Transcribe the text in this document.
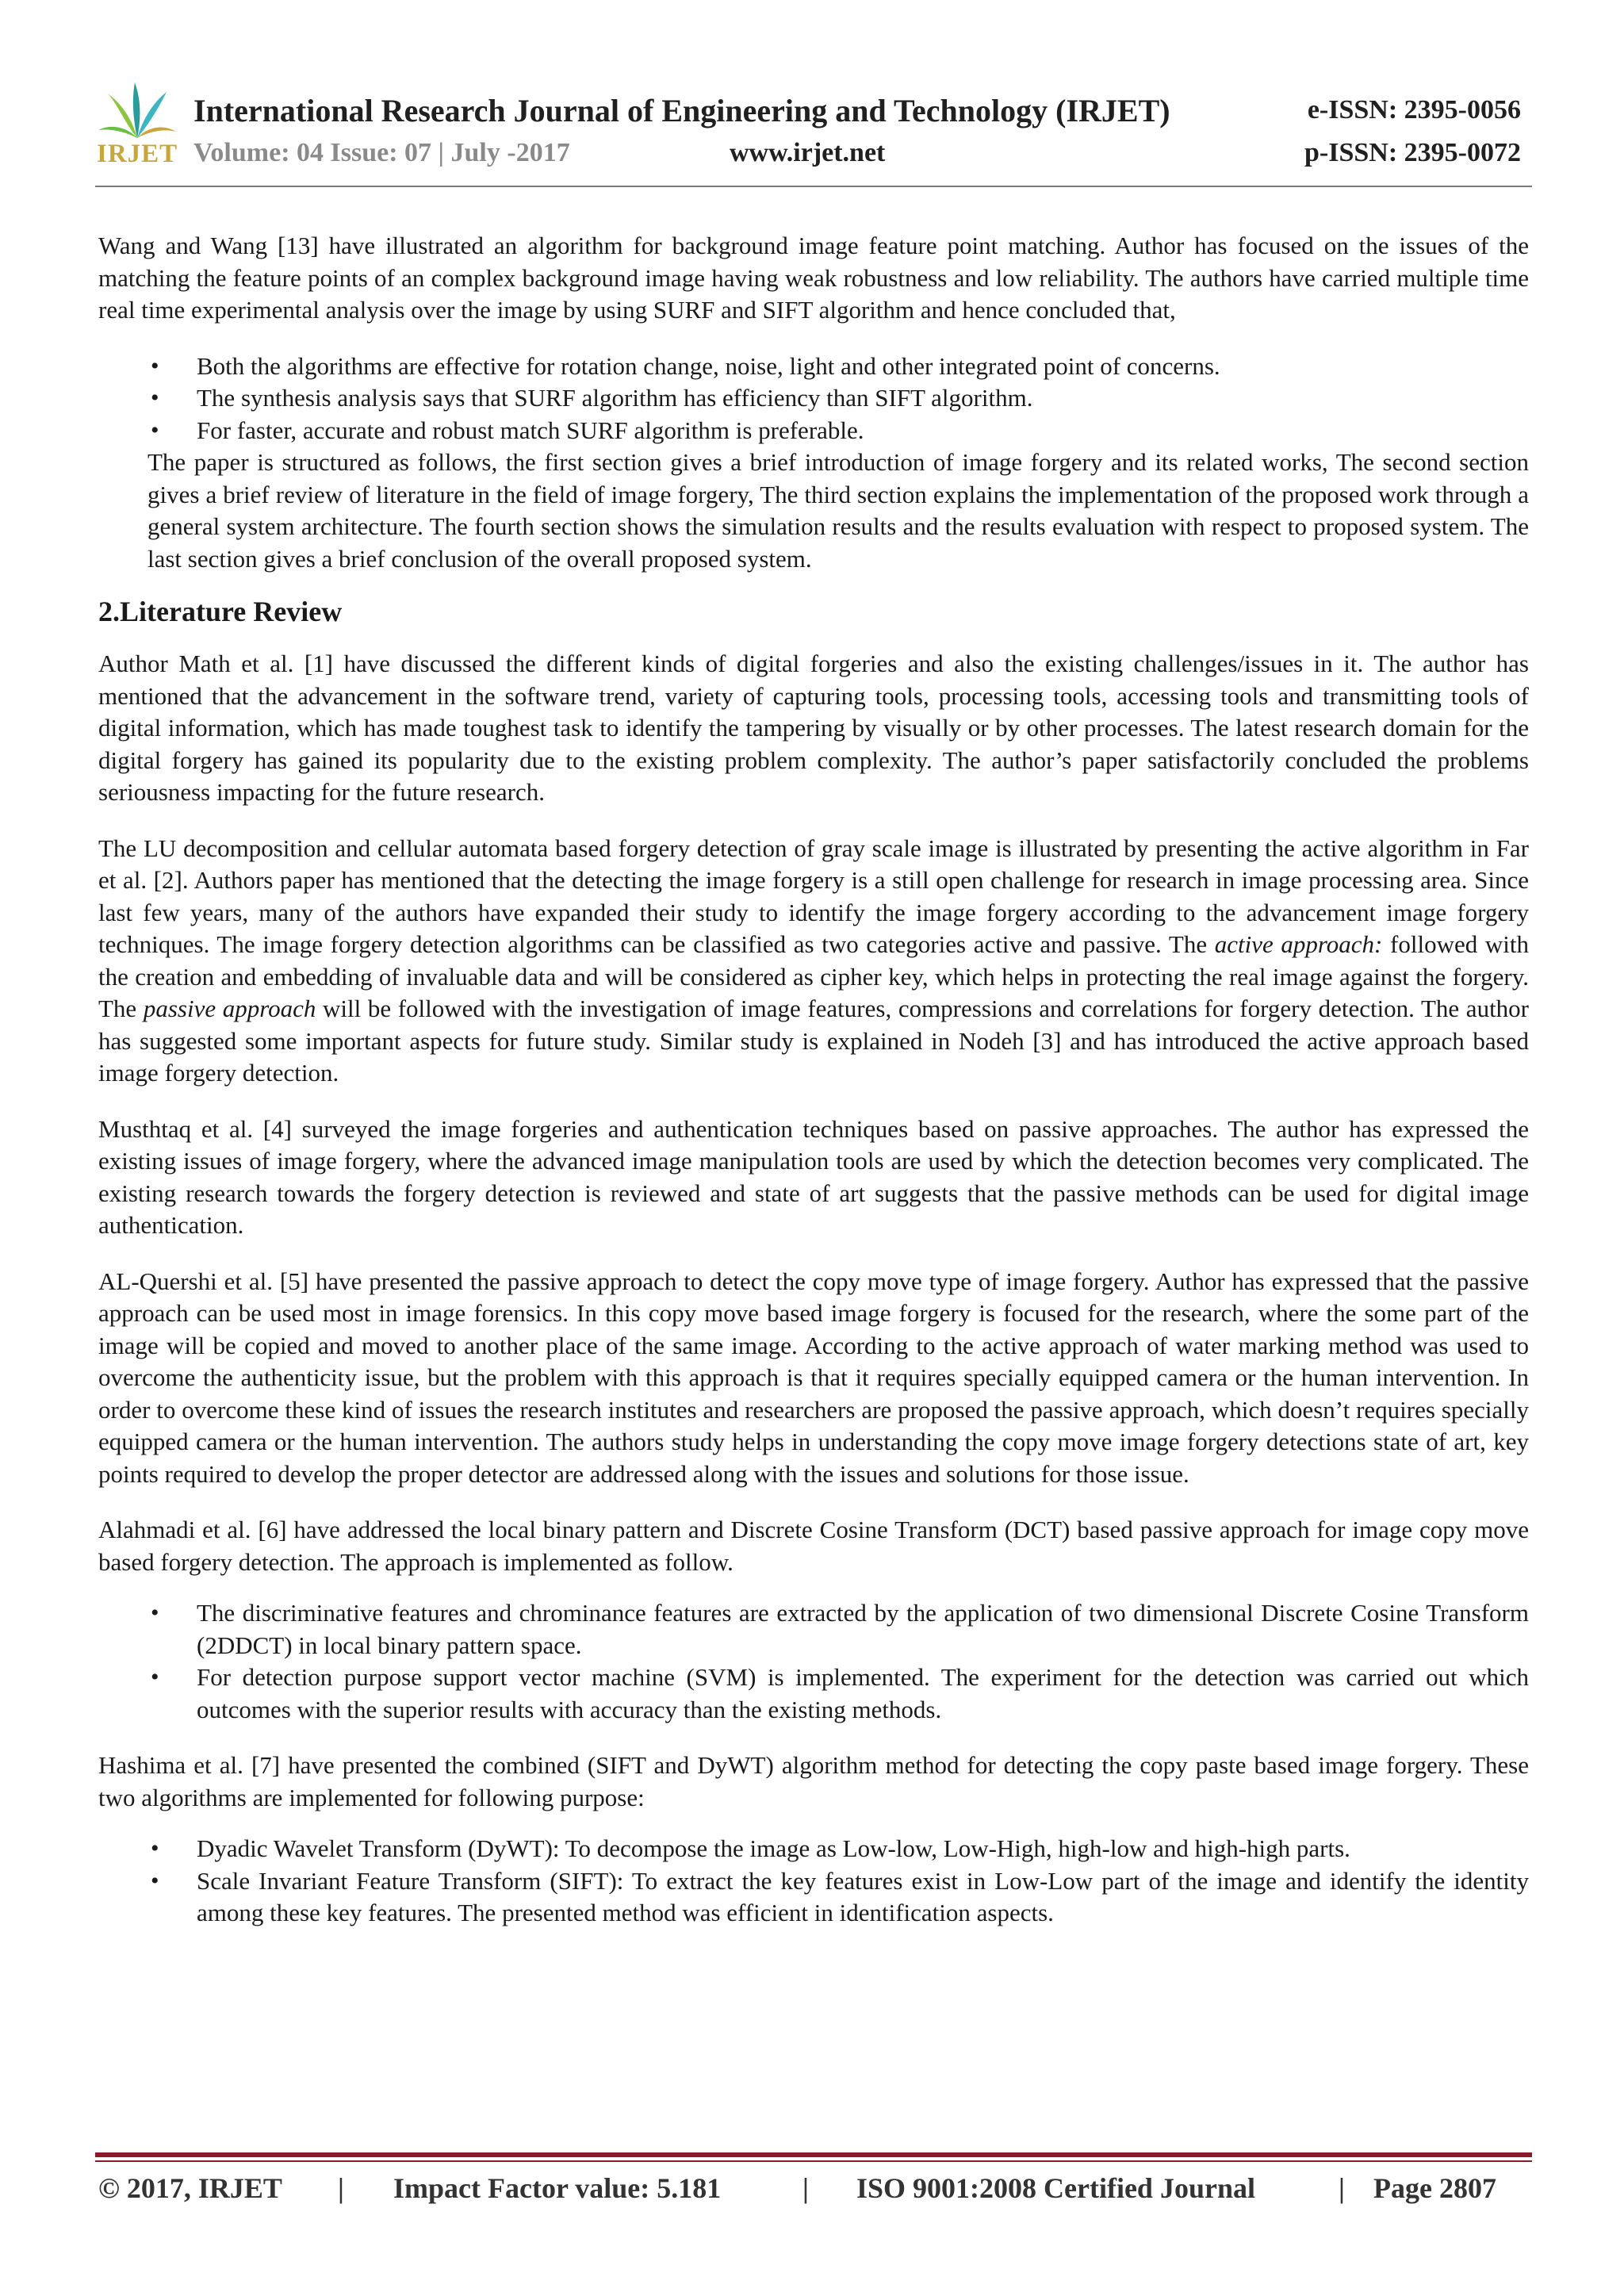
IRJET
International Research Journal of Engineering and Technology (IRJET)
Volume: 04 Issue: 07 | July -2017	www.irjet.net
e-ISSN: 2395-0056
p-ISSN: 2395-0072

Wang and Wang [13] have illustrated an algorithm for background image feature point matching. Author has focused on the issues of the matching the feature points of an complex background image having weak robustness and low reliability. The authors have carried multiple time real time experimental analysis over the image by using SURF and SIFT algorithm and hence concluded that,

• Both the algorithms are effective for rotation change, noise, light and other integrated point of concerns.
• The synthesis analysis says that SURF algorithm has efficiency than SIFT algorithm.
• For faster, accurate and robust match SURF algorithm is preferable.

The paper is structured as follows, the first section gives a brief introduction of image forgery and its related works, The second section gives a brief review of literature in the field of image forgery, The third section explains the implementation of the proposed work through a general system architecture. The fourth section shows the simulation results and the results evaluation with respect to proposed system. The last section gives a brief conclusion of the overall proposed system.

2.Literature Review

Author Math et al. [1] have discussed the different kinds of digital forgeries and also the existing challenges/issues in it. The author has mentioned that the advancement in the software trend, variety of capturing tools, processing tools, accessing tools and transmitting tools of digital information, which has made toughest task to identify the tampering by visually or by other processes. The latest research domain for the digital forgery has gained its popularity due to the existing problem complexity. The author’s paper satisfactorily concluded the problems seriousness impacting for the future research.

The LU decomposition and cellular automata based forgery detection of gray scale image is illustrated by presenting the active algorithm in Far et al. [2]. Authors paper has mentioned that the detecting the image forgery is a still open challenge for research in image processing area. Since last few years, many of the authors have expanded their study to identify the image forgery according to the advancement image forgery techniques. The image forgery detection algorithms can be classified as two categories active and passive. The active approach: followed with the creation and embedding of invaluable data and will be considered as cipher key, which helps in protecting the real image against the forgery. The passive approach will be followed with the investigation of image features, compressions and correlations for forgery detection. The author has suggested some important aspects for future study. Similar study is explained in Nodeh [3] and has introduced the active approach based image forgery detection.

Musthtaq et al. [4] surveyed the image forgeries and authentication techniques based on passive approaches. The author has expressed the existing issues of image forgery, where the advanced image manipulation tools are used by which the detection becomes very complicated. The existing research towards the forgery detection is reviewed and state of art suggests that the passive methods can be used for digital image authentication.

AL-Quershi et al. [5] have presented the passive approach to detect the copy move type of image forgery. Author has expressed that the passive approach can be used most in image forensics. In this copy move based image forgery is focused for the research, where the some part of the image will be copied and moved to another place of the same image. According to the active approach of water marking method was used to overcome the authenticity issue, but the problem with this approach is that it requires specially equipped camera or the human intervention. In order to overcome these kind of issues the research institutes and researchers are proposed the passive approach, which doesn’t requires specially equipped camera or the human intervention. The authors study helps in understanding the copy move image forgery detections state of art, key points required to develop the proper detector are addressed along with the issues and solutions for those issue.

Alahmadi et al. [6] have addressed the local binary pattern and Discrete Cosine Transform (DCT) based passive approach for image copy move based forgery detection. The approach is implemented as follow.

• The discriminative features and chrominance features are extracted by the application of two dimensional Discrete Cosine Transform (2DDCT) in local binary pattern space.
• For detection purpose support vector machine (SVM) is implemented. The experiment for the detection was carried out which outcomes with the superior results with accuracy than the existing methods.

Hashima et al. [7] have presented the combined (SIFT and DyWT) algorithm method for detecting the copy paste based image forgery. These two algorithms are implemented for following purpose:

• Dyadic Wavelet Transform (DyWT): To decompose the image as Low-low, Low-High, high-low and high-high parts.
• Scale Invariant Feature Transform (SIFT): To extract the key features exist in Low-Low part of the image and identify the identity among these key features. The presented method was efficient in identification aspects.
© 2017, IRJET | Impact Factor value: 5.181	| ISO 9001:2008 Certified Journal	| Page 2807
